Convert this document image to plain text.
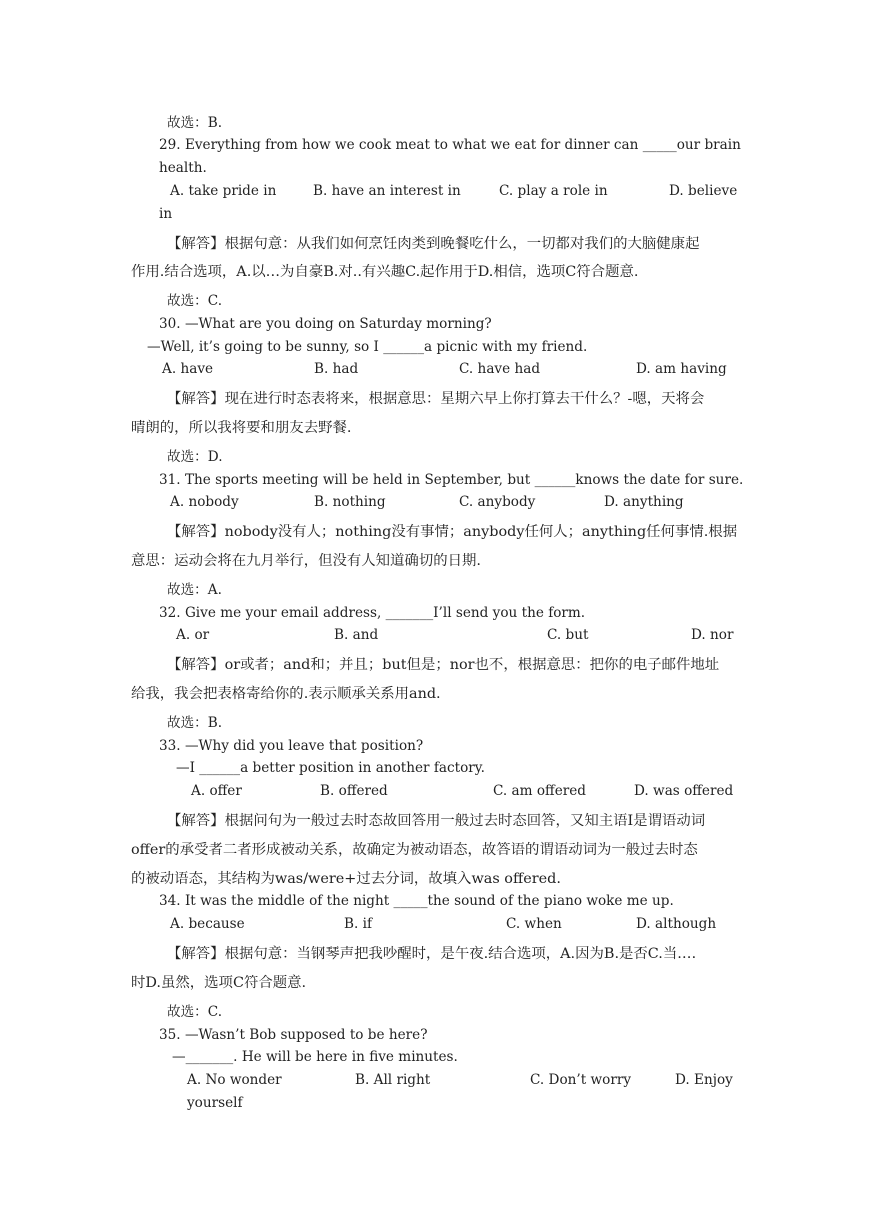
故选：B.
29. Everything from how we cook meat to what we eat for dinner can _____our brain
health.
A. take pride in	B. have an interest in	C. play a role in	D. believe
in
【解答】根据句意：从我们如何烹饪肉类到晚餐吃什么，一切都对我们的大脑健康起
作用.结合选项，A.以…为自豪B.对..有兴趣C.起作用于D.相信，选项C符合题意.
故选：C.
30. —What are you doing on Saturday morning?
—Well, it’s going to be sunny, so I ______a picnic with my friend.
A. have	B. had	C. have had	D. am having
【解答】现在进行时态表将来，根据意思：星期六早上你打算去干什么？-嗯，天将会
晴朗的，所以我将要和朋友去野餐.
故选：D.
31. The sports meeting will be held in September, but ______knows the date for sure.
A. nobody	B. nothing	C. anybody	D. anything
【解答】nobody没有人；nothing没有事情；anybody任何人；anything任何事情.根据
意思：运动会将在九月举行，但没有人知道确切的日期.
故选：A.
32. Give me your email address, _______I’ll send you the form.
A. or	B. and	C. but	D. nor
【解答】or或者；and和；并且；but但是；nor也不，根据意思：把你的电子邮件地址
给我，我会把表格寄给你的.表示顺承关系用and.
故选：B.
33. —Why did you leave that position?
—I ______a better position in another factory.
A. offer	B. offered	C. am offered	D. was offered
【解答】根据问句为一般过去时态故回答用一般过去时态回答，又知主语I是谓语动词
offer的承受者二者形成被动关系，故确定为被动语态，故答语的谓语动词为一般过去时态
的被动语态，其结构为was/were+过去分词，故填入was offered.
34. It was the middle of the night _____the sound of the piano woke me up.
A. because	B. if	C. when	D. although
【解答】根据句意：当钢琴声把我吵醒时，是午夜.结合选项，A.因为B.是否C.当.…
时D.虽然，选项C符合题意.
故选：C.
35. —Wasn’t Bob supposed to be here?
—_______. He will be here in five minutes.
A. No wonder	B. All right	C. Don’t worry	D. Enjoy
yourself
